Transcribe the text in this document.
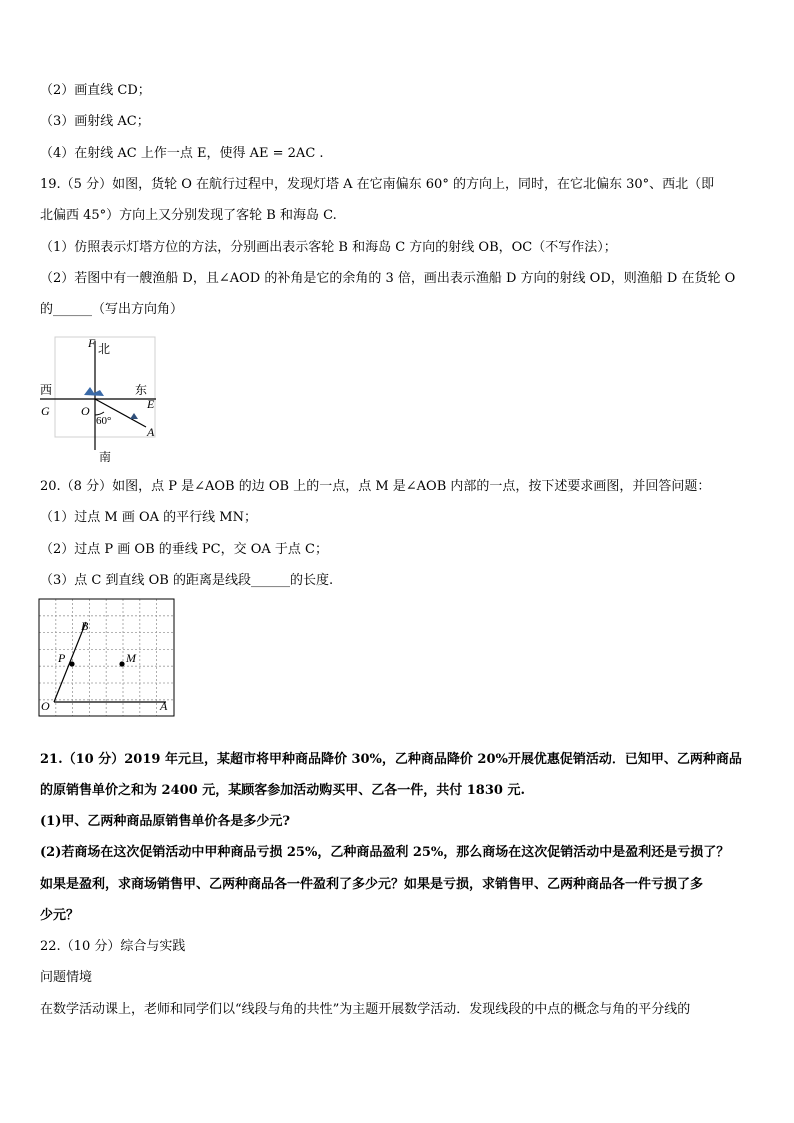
（2）画直线 CD；
（3）画射线 AC；
（4）在射线 AC 上作一点 E，使得 AE = 2AC .
19.（5 分）如图，货轮 O 在航行过程中，发现灯塔 A 在它南偏东 60° 的方向上，同时，在它北偏东 30°、西北（即
北偏西 45°）方向上又分别发现了客轮 B 和海岛 C.
（1）仿照表示灯塔方位的方法，分别画出表示客轮 B 和海岛 C 方向的射线 OB，OC（不写作法）；
（2）若图中有一艘渔船 D，且∠AOD 的补角是它的余角的 3 倍，画出表示渔船 D 方向的射线 OD，则渔船 D 在货轮 O
的______（写出方向角）
F 北
西	东
G	E
O
60°
A
南
20.（8 分）如图，点 P 是∠AOB 的边 OB 上的一点，点 M 是∠AOB 内部的一点，按下述要求画图，并回答问题：
（1）过点 M 画 OA 的平行线 MN；
（2）过点 P 画 OB 的垂线 PC，交 OA 于点 C；
（3）点 C 到直线 OB 的距离是线段______的长度.
B
P	M
O	A
21.（10 分）2019 年元旦，某超市将甲种商品降价 30%，乙种商品降价 20%开展优惠促销活动．已知甲、乙两种商品
的原销售单价之和为 2400 元，某顾客参加活动购买甲、乙各一件，共付 1830 元.
(1)甲、乙两种商品原销售单价各是多少元?
(2)若商场在这次促销活动中甲种商品亏损 25%，乙种商品盈利 25%，那么商场在这次促销活动中是盈利还是亏损了？
如果是盈利，求商场销售甲、乙两种商品各一件盈利了多少元？如果是亏损，求销售甲、乙两种商品各一件亏损了多
少元？
22.（10 分）综合与实践
问题情境
在数学活动课上，老师和同学们以“线段与角的共性”为主题开展数学活动．发现线段的中点的概念与角的平分线的
